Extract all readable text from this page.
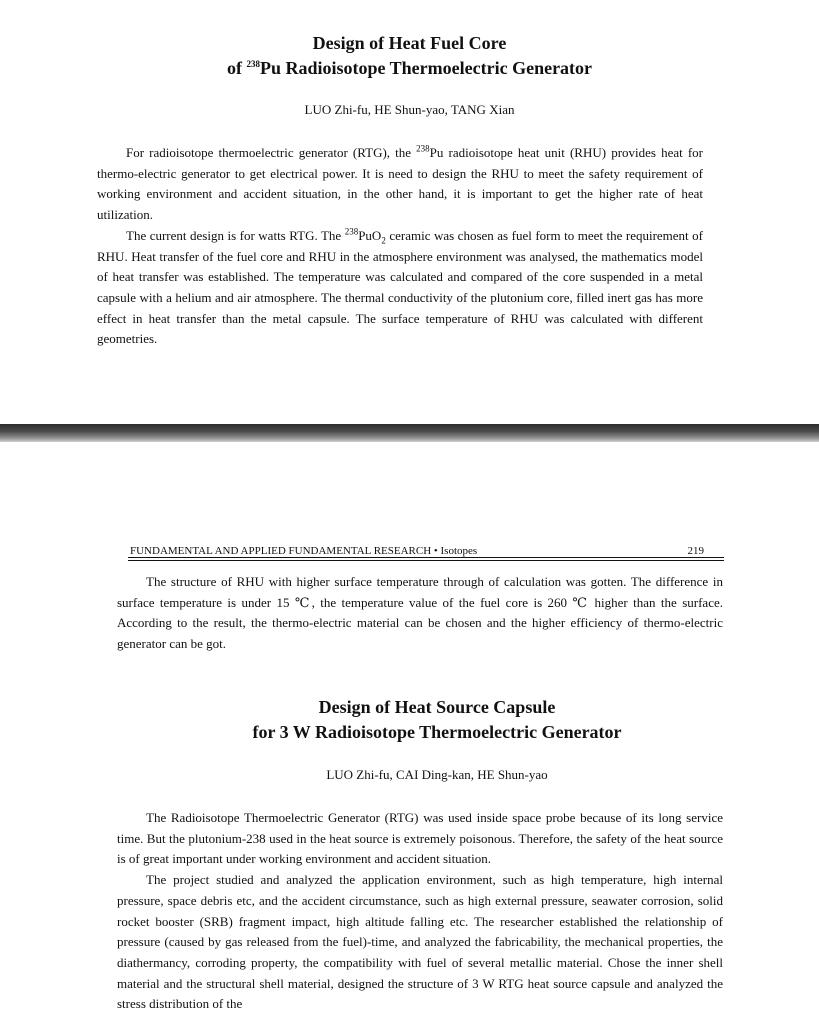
Design of Heat Fuel Core
of $^{238}$Pu Radioisotope Thermoelectric Generator
LUO Zhi-fu, HE Shun-yao, TANG Xian

For radioisotope thermoelectric generator (RTG), the $^{238}$Pu radioisotope heat unit (RHU) provides heat for thermo-electric generator to get electrical power. It is need to design the RHU to meet the safety requirement of working environment and accident situation, in the other hand, it is important to get the higher rate of heat utilization.

The current design is for watts RTG. The $^{238}$PuO$_2$ ceramic was chosen as fuel form to meet the requirement of RHU. Heat transfer of the fuel core and RHU in the atmosphere environment was analysed, the mathematics model of heat transfer was established. The temperature was calculated and compared of the core suspended in a metal capsule with a helium and air atmosphere. The thermal conductivity of the plutonium core, filled inert gas has more effect in heat transfer than the metal capsule. The surface temperature of RHU was calculated with different geometries.

FUNDAMENTAL AND APPLIED FUNDAMENTAL RESEARCH • Isotopes	219

The structure of RHU with higher surface temperature through of calculation was gotten. The difference in surface temperature is under 15 ℃, the temperature value of the fuel core is 260 ℃ higher than the surface. According to the result, the thermo-electric material can be chosen and the higher efficiency of thermo-electric generator can be got.

Design of Heat Source Capsule
for 3 W Radioisotope Thermoelectric Generator
LUO Zhi-fu, CAI Ding-kan, HE Shun-yao

The Radioisotope Thermoelectric Generator (RTG) was used inside space probe because of its long service time. But the plutonium-238 used in the heat source is extremely poisonous. Therefore, the safety of the heat source is of great important under working environment and accident situation.

The project studied and analyzed the application environment, such as high temperature, high internal pressure, space debris etc, and the accident circumstance, such as high external pressure, seawater corrosion, solid rocket booster (SRB) fragment impact, high altitude falling etc. The researcher established the relationship of pressure (caused by gas released from the fuel)-time, and analyzed the fabricability, the mechanical properties, the diathermancy, corroding property, the compatibility with fuel of several metallic material. Chose the inner shell material and the structural shell material, designed the structure of 3 W RTG heat source capsule and analyzed the stress distribution of the
